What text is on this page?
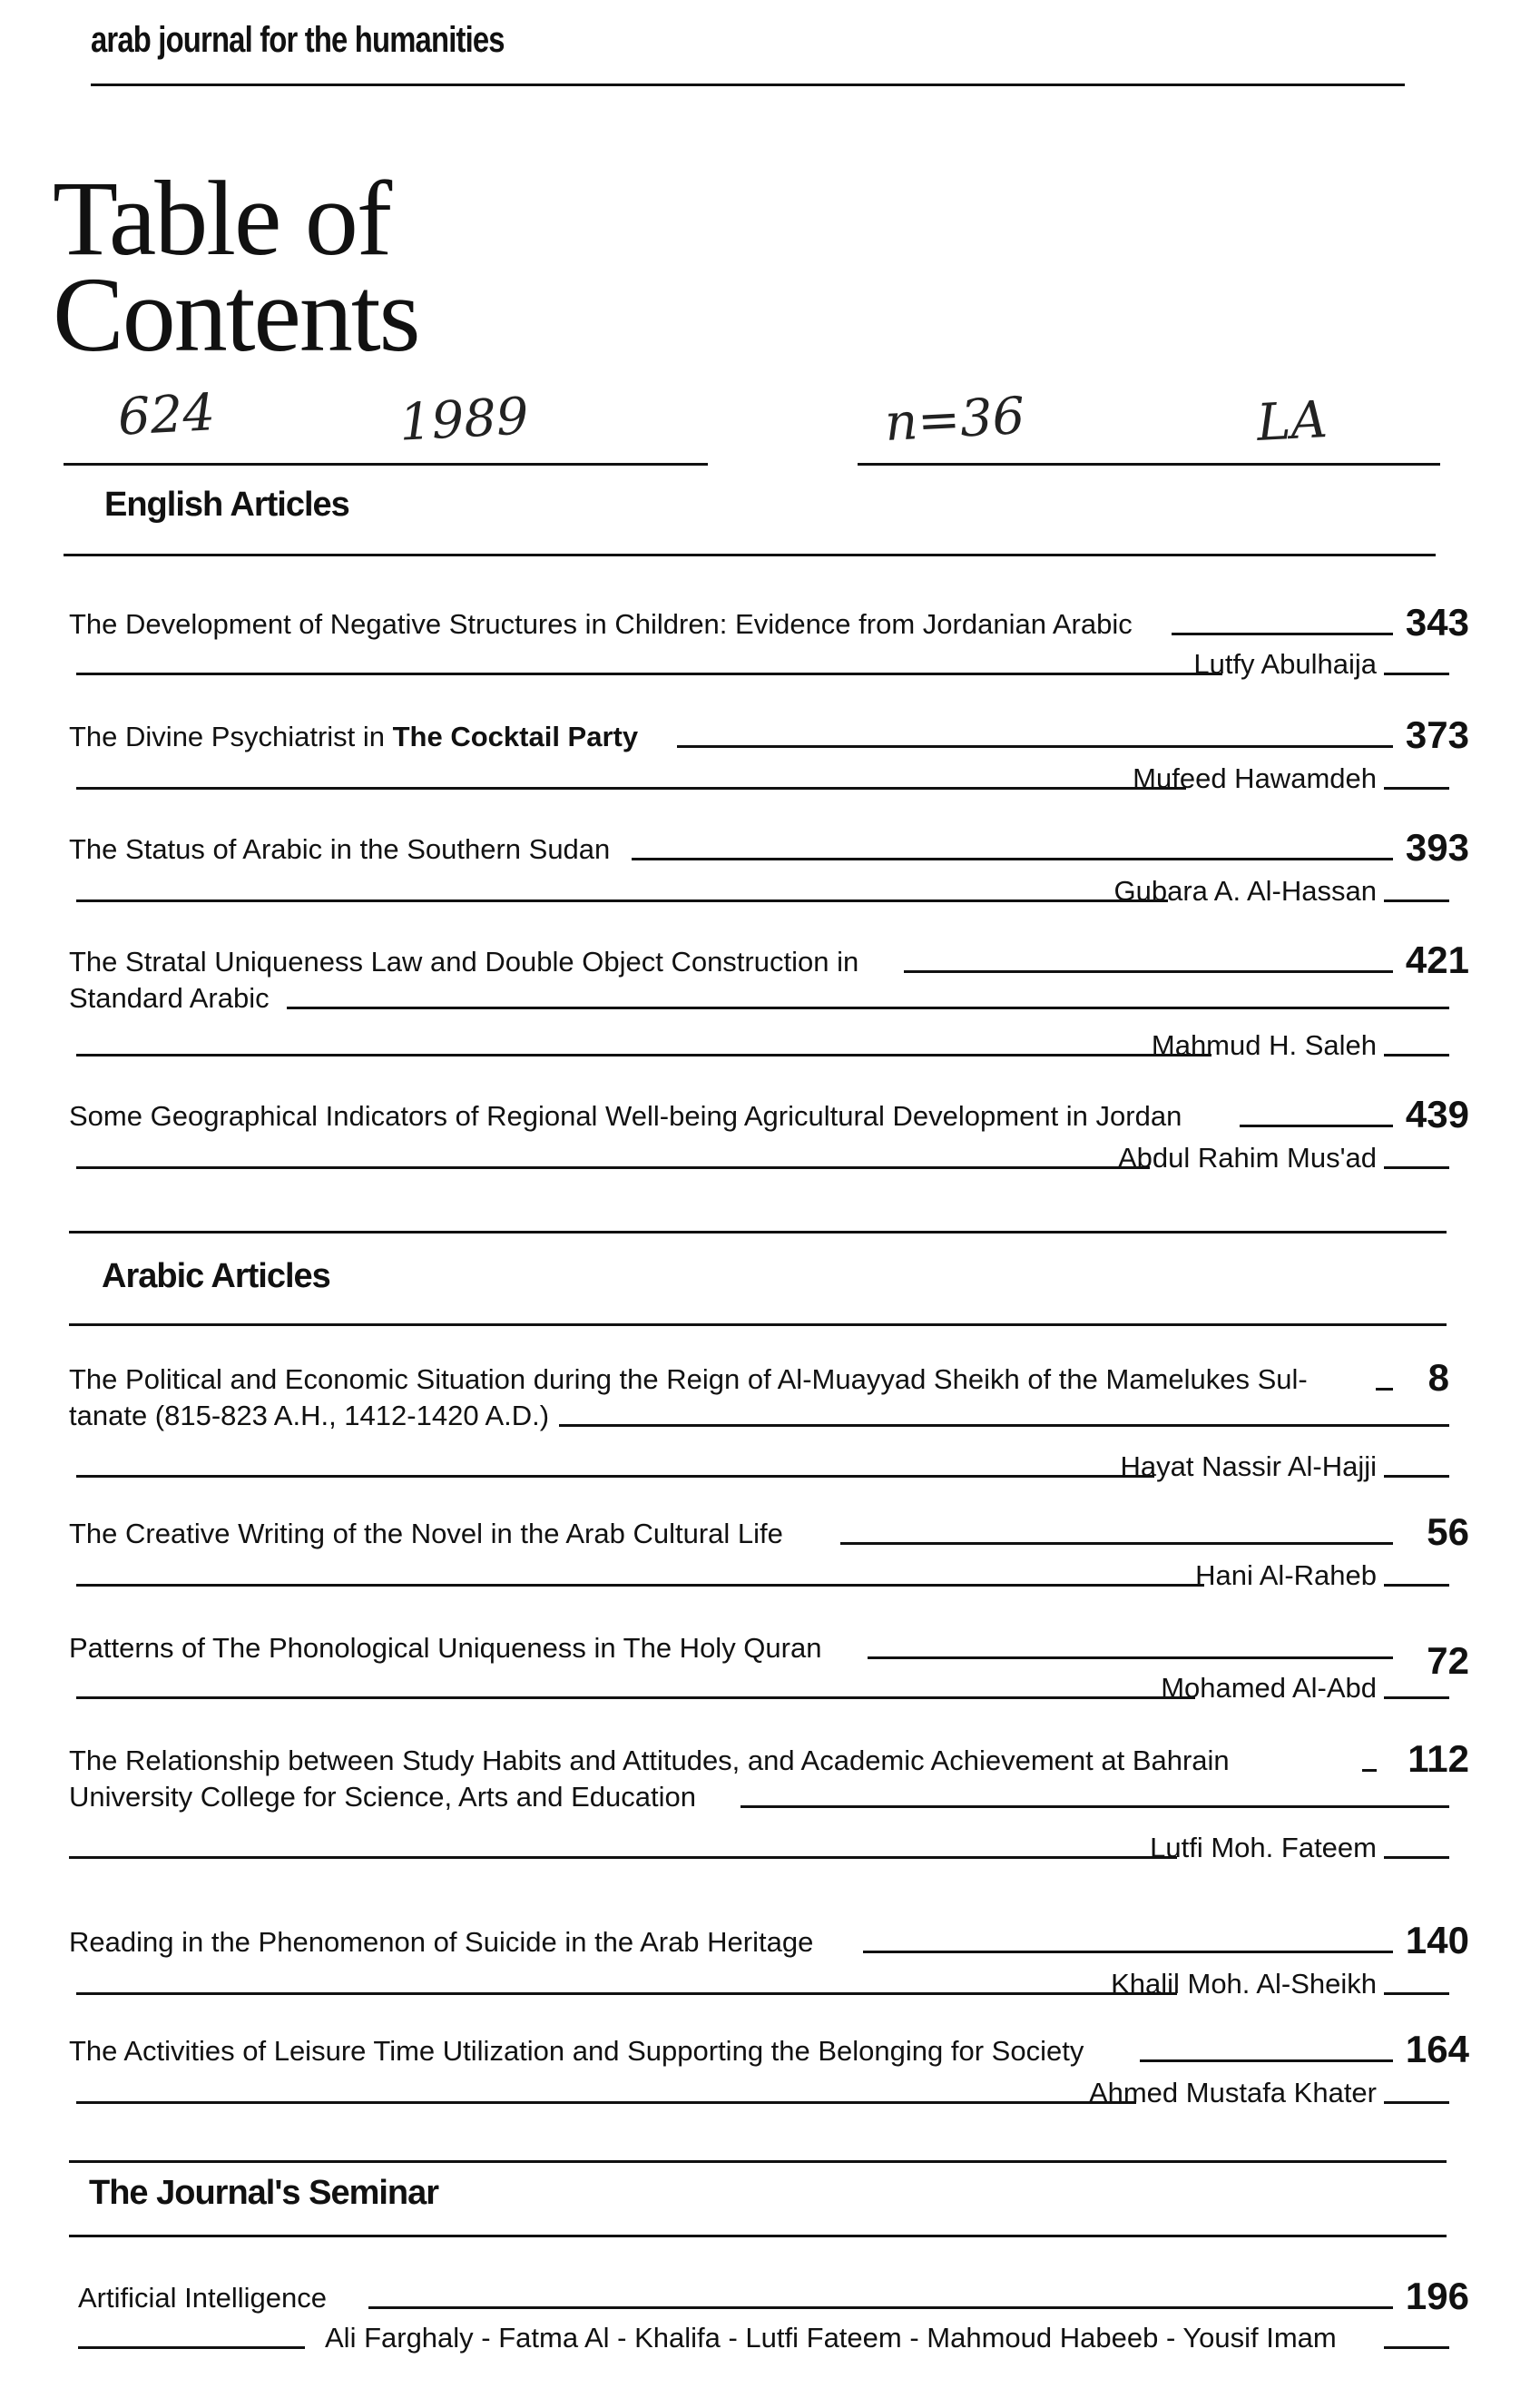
arab journal for the humanities
Table of
Contents
624	1989	n=36	LA
English Articles
The Development of Negative Structures in Children: Evidence from Jordanian Arabic	343
Lutfy Abulhaija
The Divine Psychiatrist in The Cocktail Party	373
Mufeed Hawamdeh
The Status of Arabic in the Southern Sudan	393
Gubara A. Al-Hassan
The Stratal Uniqueness Law and Double Object Construction in	421
Standard Arabic
Mahmud H. Saleh
Some Geographical Indicators of Regional Well-being Agricultural Development in Jordan	439
Abdul Rahim Mus'ad
Arabic Articles
The Political and Economic Situation during the Reign of Al-Muayyad Sheikh of the Mamelukes Sul-	8
tanate (815-823 A.H., 1412-1420 A.D.)
Hayat Nassir Al-Hajji
The Creative Writing of the Novel in the Arab Cultural Life	56
Hani Al-Raheb
Patterns of The Phonological Uniqueness in The Holy Quran	72
Mohamed Al-Abd
The Relationship between Study Habits and Attitudes, and Academic Achievement at Bahrain	112
University College for Science, Arts and Education
Lutfi Moh. Fateem
Reading in the Phenomenon of Suicide in the Arab Heritage	140
Khalil Moh. Al-Sheikh
The Activities of Leisure Time Utilization and Supporting the Belonging for Society	164
Ahmed Mustafa Khater
The Journal's Seminar
Artificial Intelligence	196
Ali Farghaly - Fatma Al - Khalifa - Lutfi Fateem - Mahmoud Habeeb - Yousif Imam
